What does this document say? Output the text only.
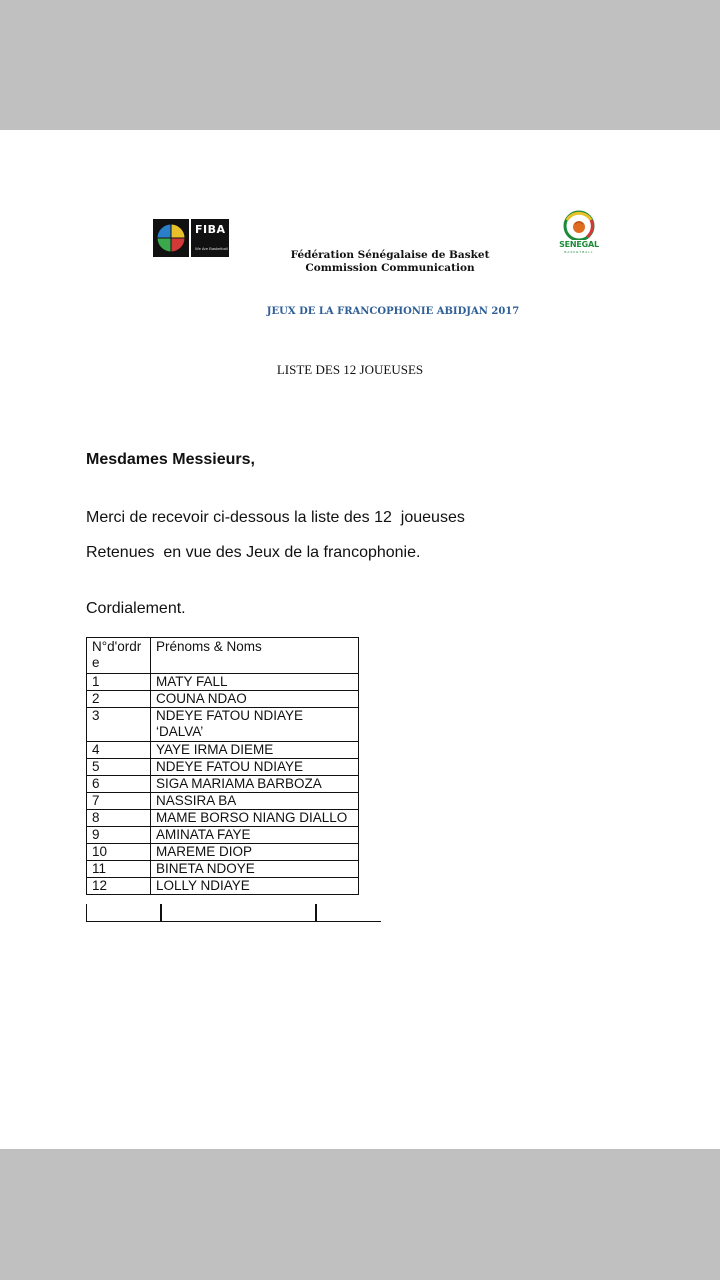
FIBA
We Are Basketball	SENEGAL
BASKETBALL
Fédération Sénégalaise de Basket
Commission Communication
JEUX DE LA FRANCOPHONIE ABIDJAN 2017
LISTE DES 12 JOUEUSES
Mesdames Messieurs,
Merci de recevoir ci-dessous la liste des 12  joueuses
Retenues  en vue des Jeux de la francophonie.
Cordialement.
N°d'ordre	Prénoms & Noms
1	MATY FALL
2	COUNA NDAO
3	NDEYE FATOU NDIAYE ‘DALVA’
4	YAYE IRMA DIEME
5	NDEYE FATOU NDIAYE
6	SIGA MARIAMA BARBOZA
7	NASSIRA BA
8	MAME BORSO NIANG DIALLO
9	AMINATA FAYE
10	MAREME DIOP
11	BINETA NDOYE
12	LOLLY NDIAYE
